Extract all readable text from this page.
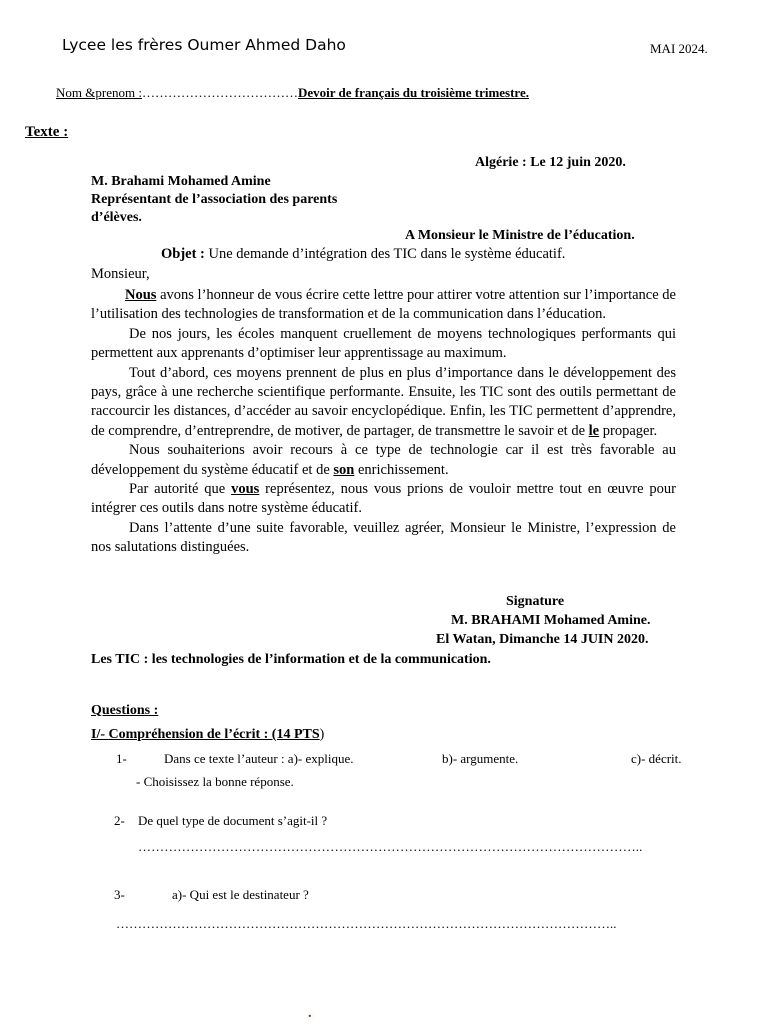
Lycee les frères Oumer Ahmed Daho	MAI 2024.
Nom &prenom :………………………………Devoir de français du troisième trimestre.
Texte :
Algérie : Le 12 juin 2020.
M. Brahami Mohamed Amine
Représentant de l’association des parents d’élèves.
A Monsieur le Ministre de l’éducation.
Objet : Une demande d’intégration des TIC dans le système éducatif.
Monsieur,

Nous avons l’honneur de vous écrire cette lettre pour attirer votre attention sur l’importance de l’utilisation des technologies de transformation et de la communication dans l’éducation.

De nos jours, les écoles manquent cruellement de moyens technologiques performants qui permettent aux apprenants d’optimiser leur apprentissage au maximum.

Tout d’abord, ces moyens prennent de plus en plus d’importance dans le développement des pays, grâce à une recherche scientifique performante. Ensuite, les TIC sont des outils permettant de raccourcir les distances, d’accéder au savoir encyclopédique. Enfin, les TIC permettent d’apprendre, de comprendre, d’entreprendre, de motiver, de partager, de transmettre le savoir et de le propager.

Nous souhaiterions avoir recours à ce type de technologie car il est très favorable au développement du système éducatif et de son enrichissement.

Par autorité que vous représentez, nous vous prions de vouloir mettre tout en œuvre pour intégrer ces outils dans notre système éducatif.

Dans l’attente d’une suite favorable, veuillez agréer, Monsieur le Ministre, l’expression de nos salutations distinguées.

Signature
M. BRAHAMI Mohamed Amine.
El Watan, Dimanche 14 JUIN 2020.
Les TIC : les technologies de l’information et de la communication.
Questions :
I/- Compréhension de l’écrit : (14 PTS)
1-	Dans ce texte l’auteur : a)- explique.	b)- argumente.	c)- décrit.
- Choisissez la bonne réponse.
2- De quel type de document s’agit-il ?
……………………………………………………………………………………………………..
3-	a)- Qui est le destinateur ?
……………………………………………………………………………………………………..
.
